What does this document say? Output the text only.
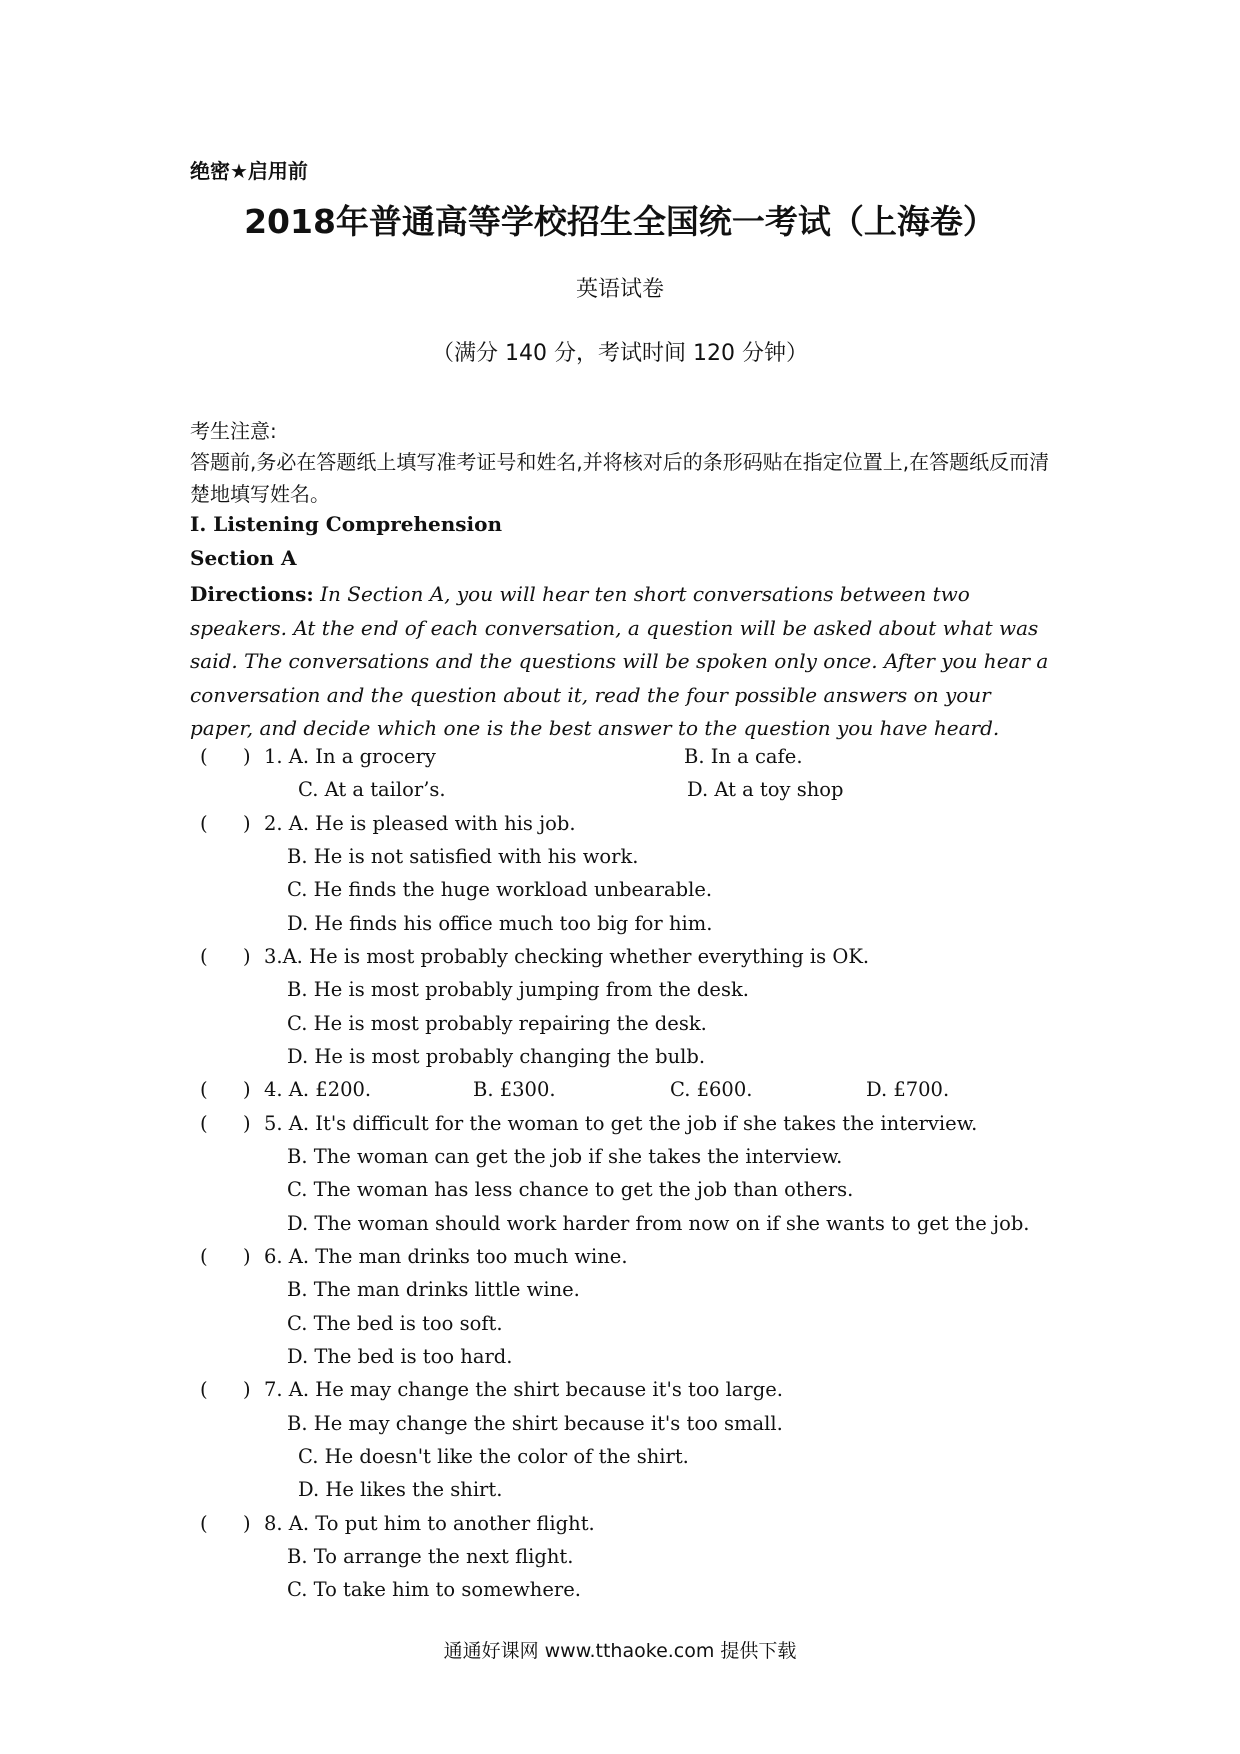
绝密★启用前
2018年普通高等学校招生全国统一考试（上海卷）
英语试卷
（满分 140 分，考试时间 120 分钟）
考生注意:
答题前,务必在答题纸上填写准考证号和姓名,并将核对后的条形码贴在指定位置上,在答题纸反而清楚地填写姓名。
I. Listening Comprehension
Section A
Directions: In Section A, you will hear ten short conversations between two speakers. At the end of each conversation, a question will be asked about what was said. The conversations and the questions will be spoken only once. After you hear a conversation and the question about it, read the four possible answers on your paper, and decide which one is the best answer to the question you have heard.
( ) 1. A. In a grocery	B. In a cafe.
C. At a tailor’s.	D. At a toy shop
( ) 2. A. He is pleased with his job.
B. He is not satisfied with his work.
C. He finds the huge workload unbearable.
D. He finds his office much too big for him.
( ) 3.A. He is most probably checking whether everything is OK.
B. He is most probably jumping from the desk.
C. He is most probably repairing the desk.
D. He is most probably changing the bulb.
( ) 4. A. £200.	B. £300.	C. £600.	D. £700.
( ) 5. A. It's difficult for the woman to get the job if she takes the interview.
B. The woman can get the job if she takes the interview.
C. The woman has less chance to get the job than others.
D. The woman should work harder from now on if she wants to get the job.
( ) 6. A. The man drinks too much wine.
B. The man drinks little wine.
C. The bed is too soft.
D. The bed is too hard.
( ) 7. A. He may change the shirt because it's too large.
B. He may change the shirt because it's too small.
C. He doesn't like the color of the shirt.
D. He likes the shirt.
( ) 8. A. To put him to another flight.
B. To arrange the next flight.
C. To take him to somewhere.
通通好课网 www.tthaoke.com 提供下载
